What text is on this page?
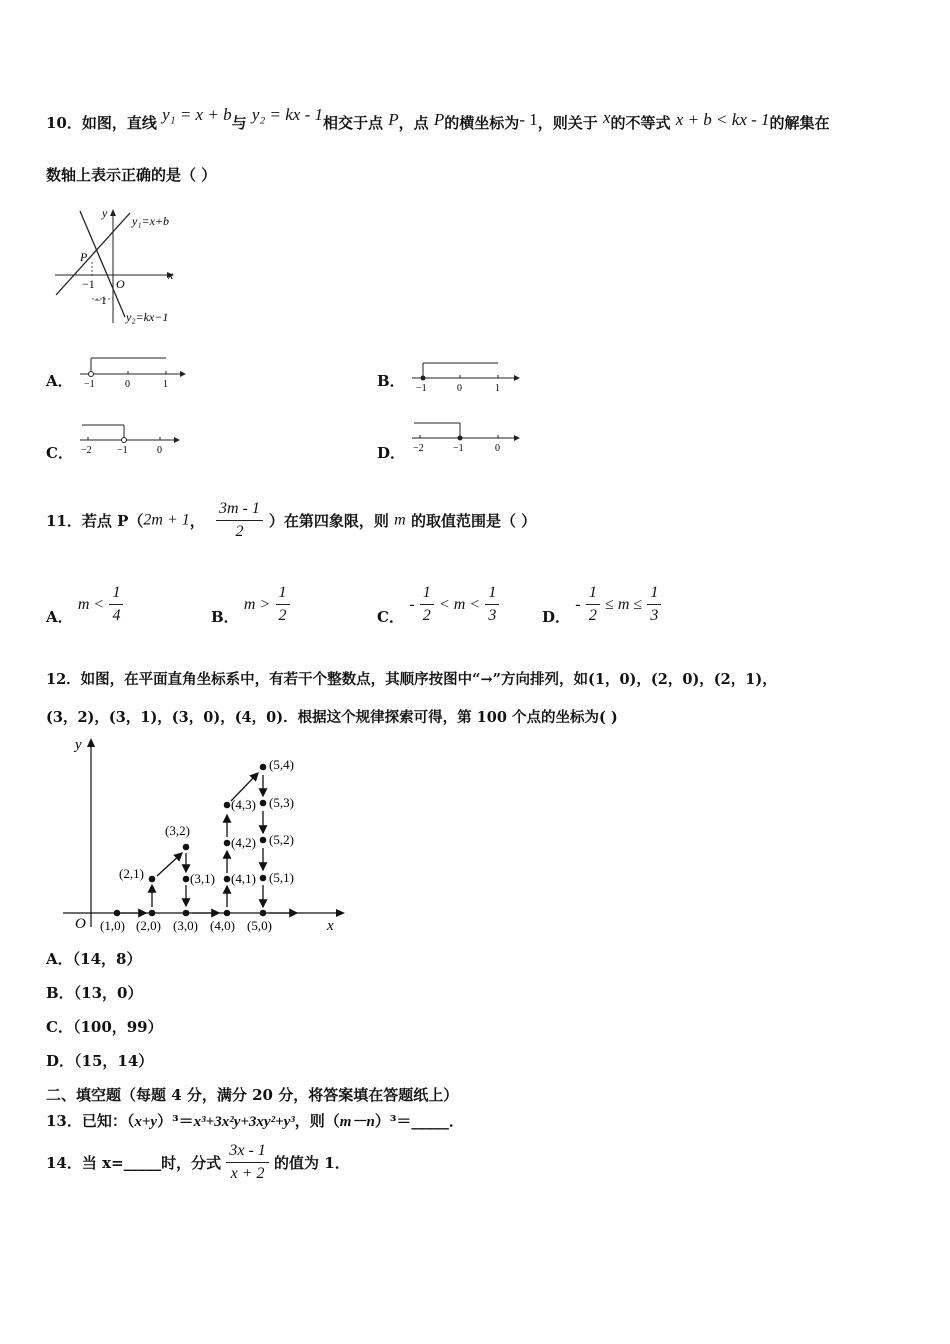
10．如图，直线 y₁ = x + b与 y₂ = kx - 1相交于点 P，点 P的横坐标为- 1，则关于 x的不等式 x + b < kx - 1的解集在
数轴上表示正确的是（ ）
y
x
y₁=x+b
y₂=kx−1
P
−1 O
−1
A． −1	0	1	B． −1	0	1
C． −2	−1	0	D． −2	−1	0
11．若点 P（2m + 1， $\frac{3m - 1}{2}$ ）在第四象限，则 m 的取值范围是（ ）
A． $m < \frac{1}{4}$	B． $m > \frac{1}{2}$	C． - $\frac{1}{2} < m < \frac{1}{3}$	D． - $\frac{1}{2} \le m \le \frac{1}{3}$
12．如图，在平面直角坐标系中，有若干个整数点，其顺序按图中“→”方向排列，如(1，0)，(2，0)，(2，1)，
(3，2)，(3，1)，(3，0)，(4，0)．根据这个规律探索可得，第 100 个点的坐标为( )
y
x
O (1,0) (2,0) (3,0) (4,0) (5,0)
(2,1)
(3,2)
(3,1) (4,1)
(4,2)
(4,3)
(5,4)
(5,3)
(5,2)
(5,1)
A．（14，8）
B．（13，0）
C．（100，99）
D．（15，14）
二、填空题（每题 4 分，满分 20 分，将答案填在答题纸上）
13．已知：（x+y）³＝x³+3x²y+3xy²+y³，则（m－n）³＝_____．
14．当 x=_____时，分式 $\frac{3x - 1}{x + 2}$ 的值为 1．
